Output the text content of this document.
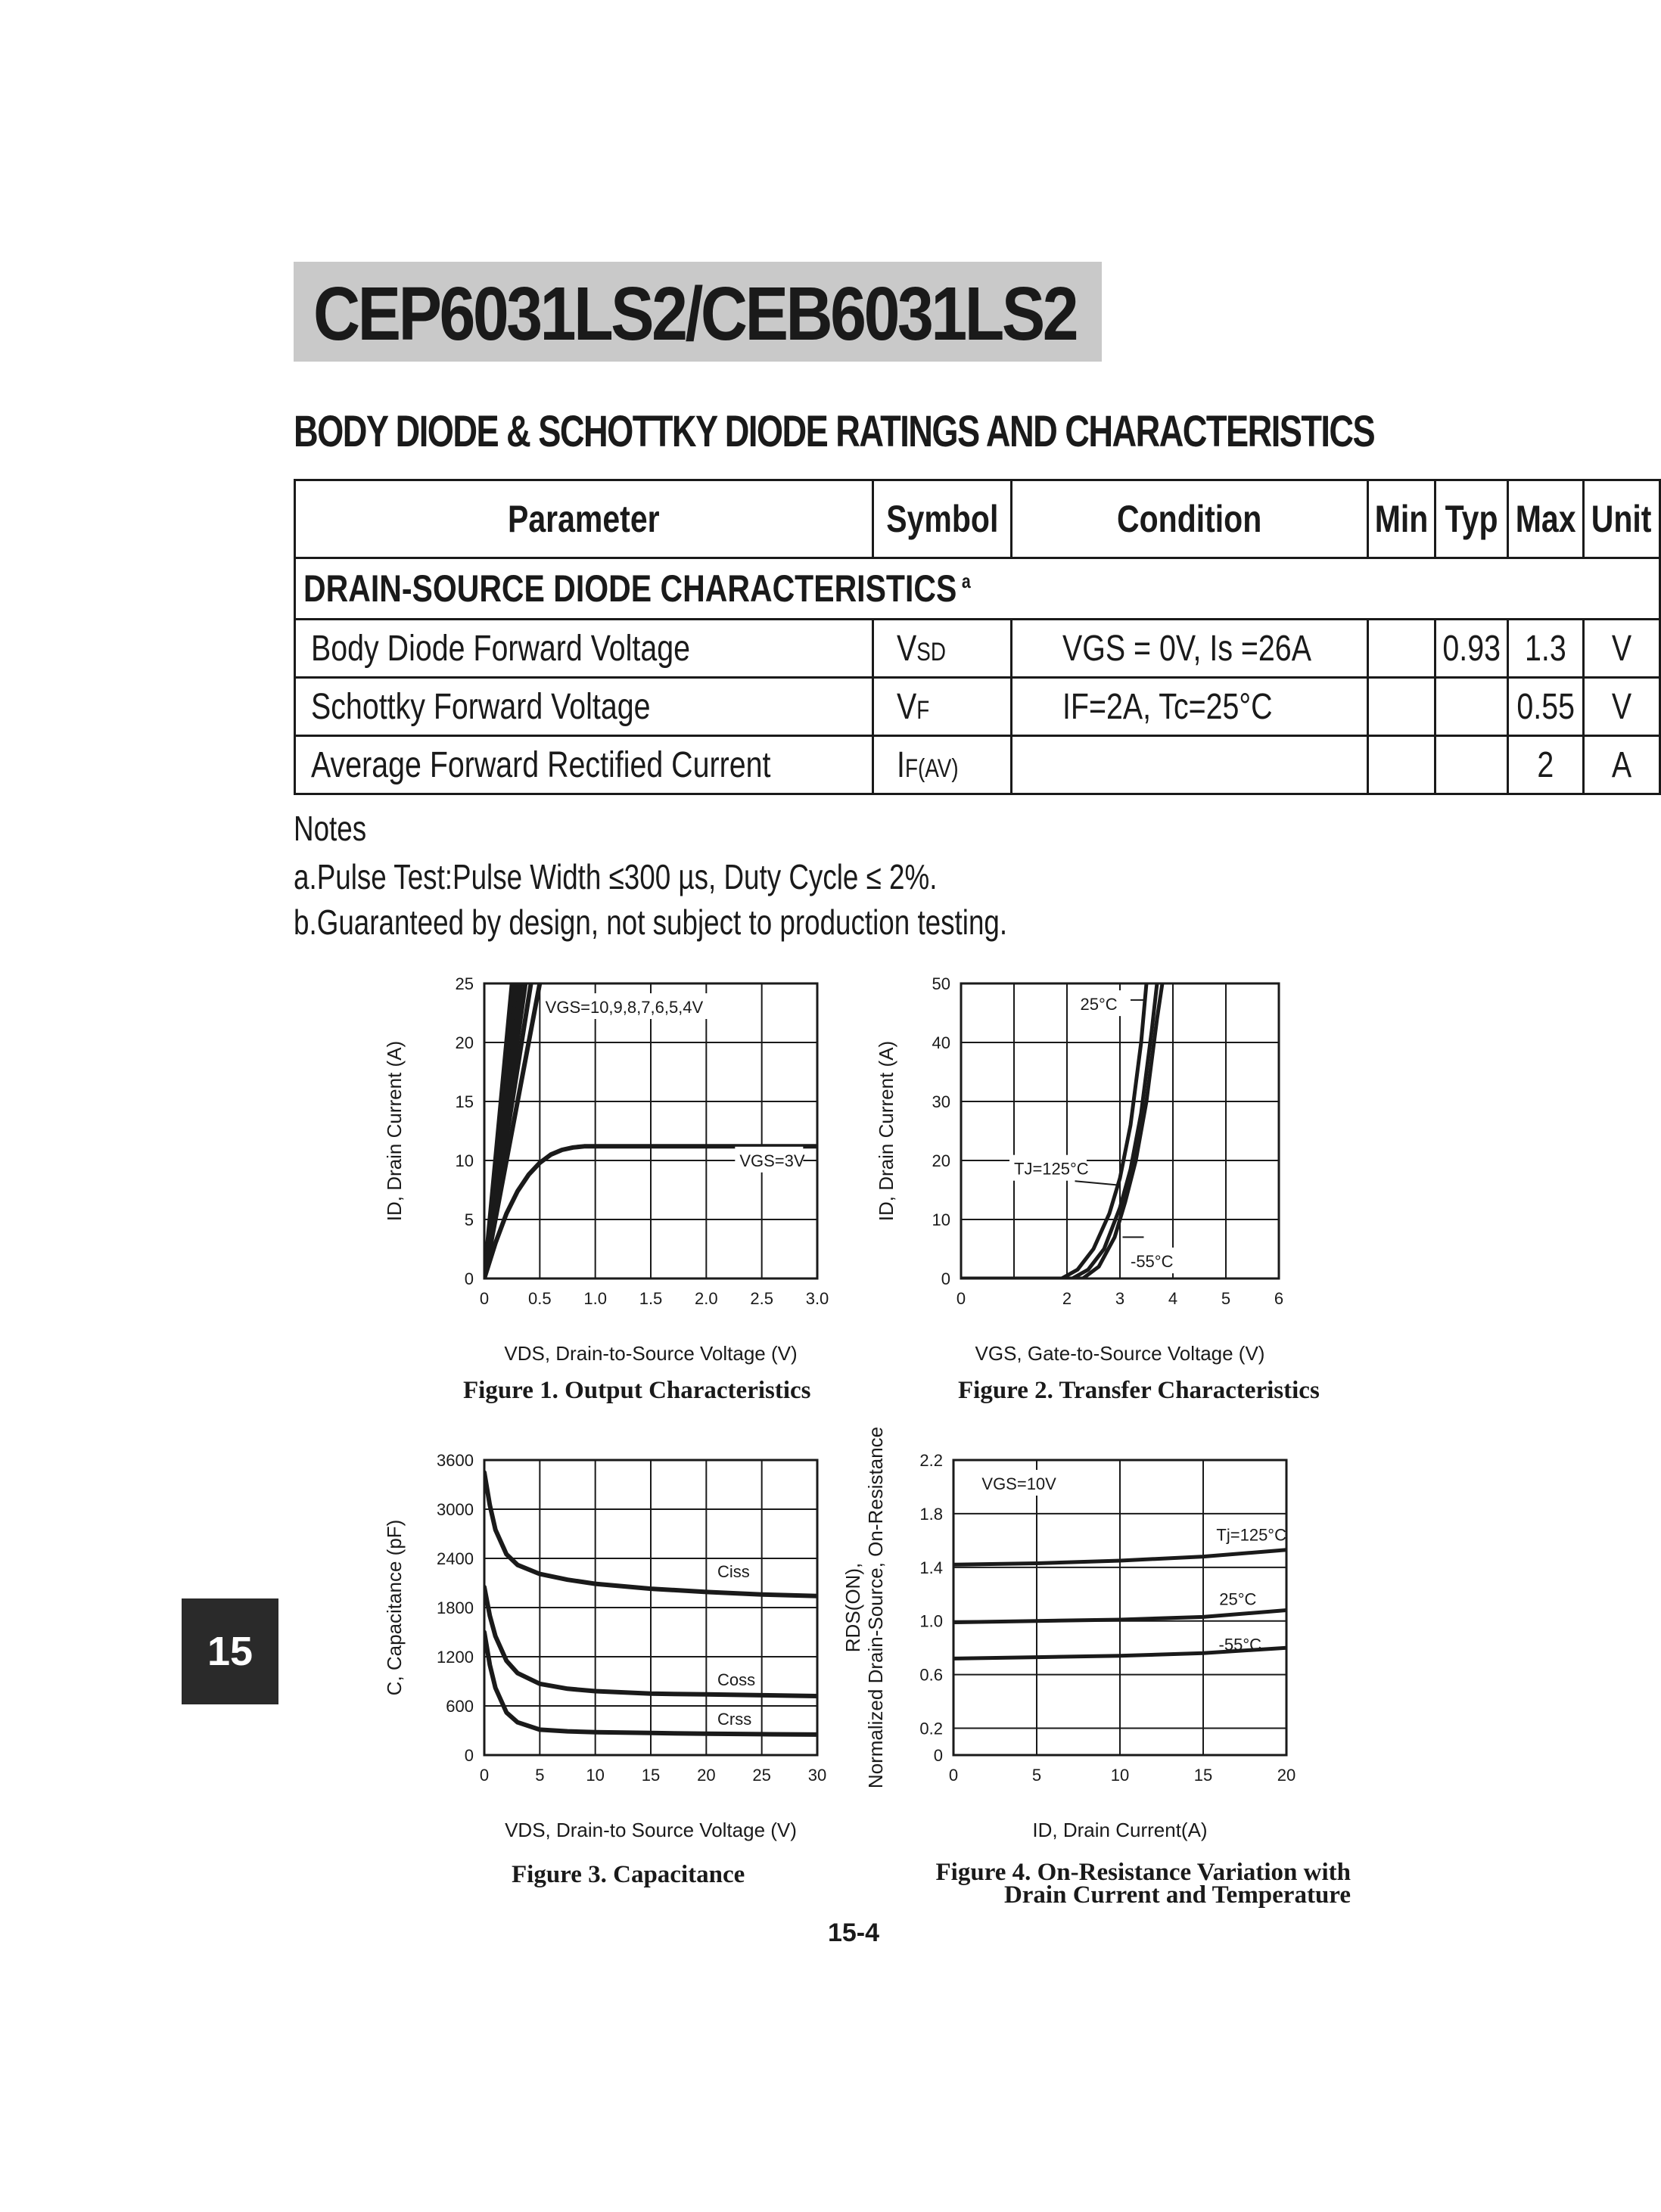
CEP6031LS2/CEB6031LS2
BODY DIODE & SCHOTTKY DIODE RATINGS AND CHARACTERISTICS
Parameter	Symbol	Condition	Min	Typ	Max	Unit
DRAIN-SOURCE DIODE CHARACTERISTICS $^a$
Body Diode Forward Voltage	VSD	VGS = 0V, Is =26A		0.93	1.3	V
Schottky Forward Voltage	VF	IF=2A, Tc=25°C			0.55	V
Average Forward Rectified Current	IF(AV)				2	A
Notes
a.Pulse Test:Pulse Width ≤300 µs, Duty Cycle ≤ 2%.
b.Guaranteed by design, not subject to production testing.
0 0.5 1.0 1.5 2.0 2.5 3.0
0
5
10
15
20
25
VDS, Drain-to-Source Voltage (V)
ID, Drain Current (A)
VGS=10,9,8,7,6,5,4V
VGS=3V
0	2	3	4	5	6
0
10
20
30
40
50
VGS, Gate-to-Source Voltage (V)
ID, Drain Current (A)
25°C
TJ=125°C
-55°C
0	5 10 15 20 25 30
0
600
1200
1800
2400
3000
3600
VDS, Drain-to Source Voltage (V)
C, Capacitance (pF)	Ciss
Coss
Crss
0	5	10	15	20
0
0.2
0.6
1.0
1.4
1.8
2.2
ID, Drain Current(A)
RDS(ON),Normalized Drain-Source, On-Resistance	VGS=10V
Tj=125°C
25°C
-55°C
Figure 1. Output Characteristics	Figure 2. Transfer Characteristics
Figure 3. Capacitance	Figure 4. On-Resistance Variation with Drain Current and Temperature
15
15-4
